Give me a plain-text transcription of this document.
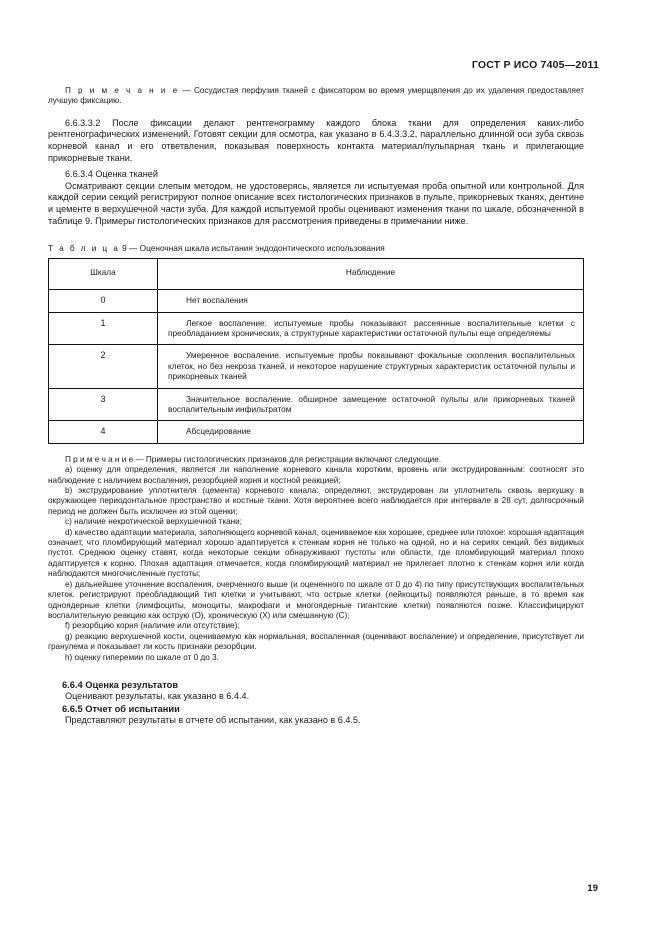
ГОСТ Р ИСО 7405—2011

П р и м е ч а н и е — Сосудистая перфузия тканей с фиксатором во время умерщвления до их удаления предоставляет лучшую фиксацию.

6.6.3.3.2 После фиксации делают рентгенограмму каждого блока ткани для определения каких-либо рентгенографических изменений. Готовят секции для осмотра, как указано в 6.4.3.3.2, параллельно длинной оси зуба сквозь корневой канал и его ответвления, показывая поверхность контакта материал/пульпарная ткань и прилегающие прикорневые ткани.

6.6.3.4 Оценка тканей

Осматривают секции слепым методом, не удостоверясь, является ли испытуемая проба опытной или контрольной. Для каждой серии секций регистрируют полное описание всех гистологических признаков в пульпе, прикорневых тканях, дентине и цементе в верхушечной части зуба. Для каждой испытуемой пробы оценивают изменения ткани по шкале, обозначенной в таблице 9. Примеры гистологических признаков для рассмотрения приведены в примечании ниже.

Т а б л и ц а 9 — Оценочная шкала испытания эндодонтического использования
Шкала	Наблюдение
0	Нет воспаления
1	Легкое воспаление: испытуемые пробы показывают рассеянные воспалительные клетки с преобладанием хронических, а структурные характеристики остаточной пульпы еще определяемы
2	Умеренное воспаление. испытуемые пробы показывают фокальные скопления воспалительных клеток, но без некроза тканей, и некоторое нарушение структурных характеристик остаточной пульпы и прикорневых тканей
3	Значительное воспаление. обширное замещение остаточной пульпы или прикорневых тканей воспалительным инфильтратом
4	Абсцедирование

П р и м е ч а н и е — Примеры гистологических признаков для регистрации включают следующие.

a) оценку для определения, является ли наполнение корневого канала коротким, вровень или экструдированным: соотносят это наблюдение с наличием воспаления, резорбцией корня и костной реакцией;

b) экструдирование уплотнителя (цемента) корневого канала: определяют, экструдирован ли уплотнитель сквозь верхушку в окружающее периодонтальное пространство и костные ткани. Хотя вероятнее всего наблюдается при интервале в 28 сут, долгосрочный период не должен быть исключен из этой оценки;

c) наличие некротической верхушечной ткани;

d) качество адаптации материала, заполняющего корневой канал, оцениваемое как хорошее, среднее или плохое: хорошая адаптация означает, что пломбирующий материал хорошо адаптируется к стенкам корня не только на одной, но и на сериях секций, без видимых пустот. Среднюю оценку ставят, когда некоторые секции обнаруживают пустоты или области, где пломбирующий материал плохо адаптируется к корню. Плохая адаптация отмечается, когда пломбирующий материал не прилегает плотно к стенкам корня или когда наблюдаются многочисленные пустоты;

e) дальнейшее уточнение воспаления, очерченного выше (и оцененного по шкале от 0 до 4) по типу присутствующих воспалительных клеток. регистрируют преобладающий тип клетки и учитывают, что острые клетки (лейкоциты) появляются раньше, в то время как одноядерные клетки (лимфоциты, моноциты, макрофаги и многоядерные гигантские клетки) появляются позже. Классифицируют воспалительную реакцию как острую (О), хроническую (Х) или смешанную (С);

f) резорбцию корня (наличие или отсутствие);

g) реакцию верхушечной кости, оцениваемую как нормальная, воспаленная (оценивают воспаление) и определение, присутствует ли гранулема и показывает ли кость признаки резорбции.

h) оценку гиперемии по шкале от 0 до 3.

6.6.4 Оценка результатов

Оценивают результаты, как указано в 6.4.4.

6.6.5 Отчет об испытании

Представляют результаты в отчете об испытании, как указано в 6.4.5.

19
